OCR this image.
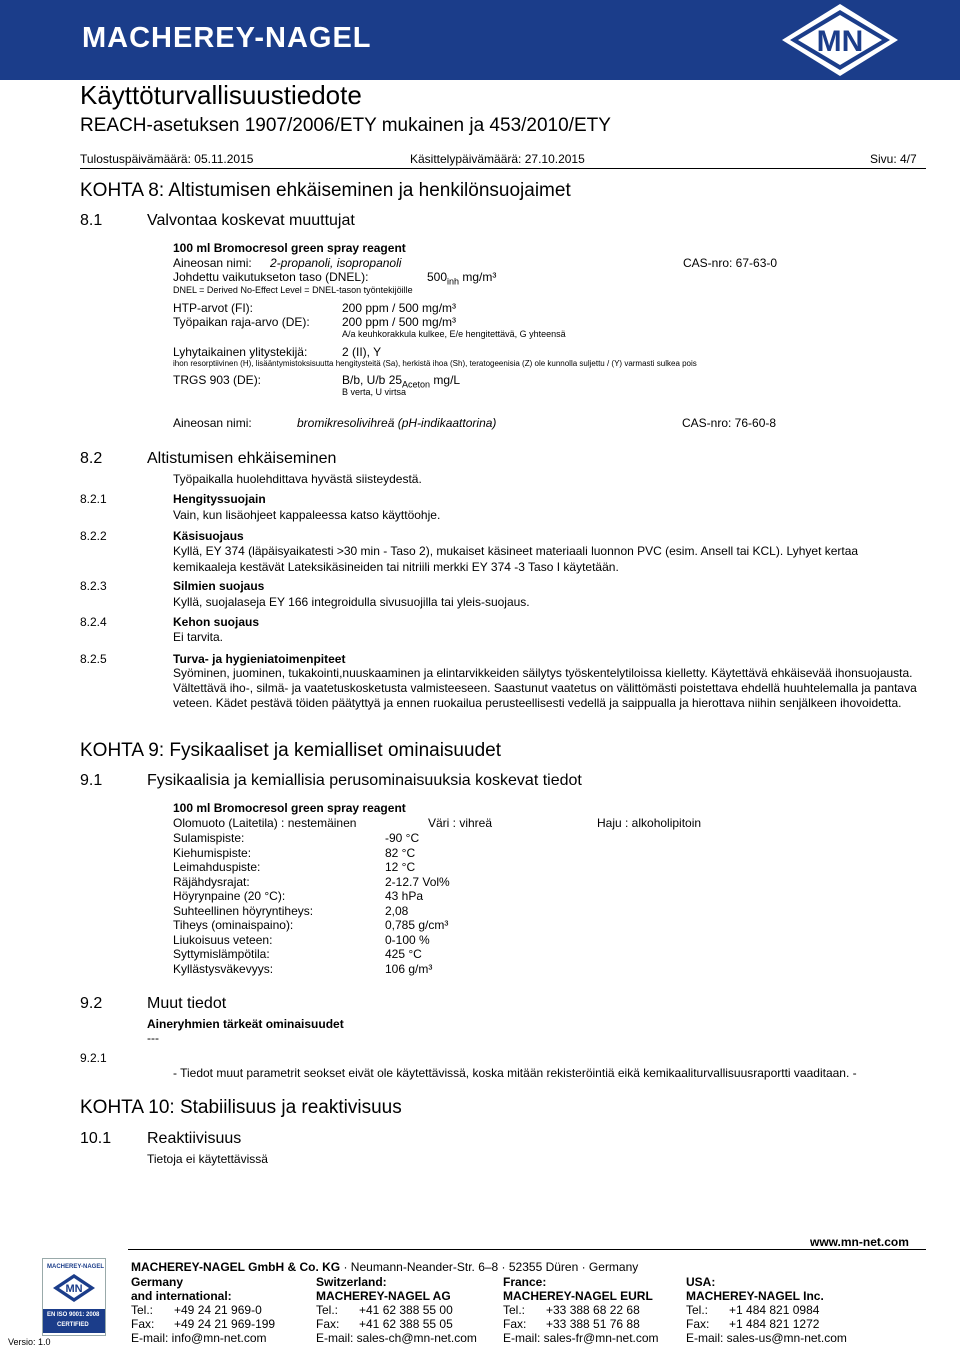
MACHEREY-NAGEL	MN
Käyttöturvallisuustiedote
REACH-asetuksen 1907/2006/ETY mukainen ja 453/2010/ETY
Tulostuspäivämäärä: 05.11.2015	Käsittelypäivämäärä: 27.10.2015	Sivu: 4/7
KOHTA 8: Altistumisen ehkäiseminen ja henkilönsuojaimet
8.1	Valvontaa koskevat muuttujat
100 ml Bromocresol green spray reagent
Aineosan nimi: 2-propanoli, isopropanoli	CAS-nro: 67-63-0
Johdettu vaikutukseton taso (DNEL):	$500_{inh}$ mg/m³
DNEL = Derived No-Effect Level = DNEL-tason työntekijöille
HTP-arvot (FI):	200 ppm / 500 mg/m³
Työpaikan raja-arvo (DE):	200 ppm / 500 mg/m³
A/a keuhkorakkula kulkee, E/e hengitettävä, G yhteensä
Lyhytaikainen ylitystekijä:	2 (II), Y
ihon resorptiivinen (H), lisääntymistoksisuutta hengitysteitä (Sa), herkistä ihoa (Sh), teratogeenisia (Z) ole kunnolla suljettu / (Y) varmasti sulkea pois
TRGS 903 (DE):	B/b, U/b $25_{Aceton}$ mg/L
B verta, U virtsa
Aineosan nimi:	bromikresolivihreä (pH-indikaattorina)	CAS-nro: 76-60-8
8.2	Altistumisen ehkäiseminen
Työpaikalla huolehdittava hyvästä siisteydestä.
8.2.1	Hengityssuojain
Vain, kun lisäohjeet kappaleessa katso käyttöohje.
8.2.2	Käsisuojaus
Kyllä, EY 374 (läpäisyaikatesti >30 min - Taso 2), mukaiset käsineet materiaali luonnon PVC (esim. Ansell tai KCL). Lyhyet kertaa kemikaaleja kestävät Lateksikäsineiden tai nitriili merkki EY 374 -3 Taso I käytetään.
8.2.3	Silmien suojaus
Kyllä, suojalaseja EY 166 integroidulla sivusuojilla tai yleis-suojaus.
8.2.4	Kehon suojaus
Ei tarvita.
8.2.5	Turva- ja hygieniatoimenpiteet
Syöminen, juominen, tukakointi,nuuskaaminen ja elintarvikkeiden säilytys työskentelytiloissa kielletty. Käytettävä ehkäisevää ihonsuojausta. Vältettävä iho-, silmä- ja vaatetuskosketusta valmisteeseen. Saastunut vaatetus on välittömästi poistettava ehdellä huuhtelemalla ja pantava veteen. Kädet pestävä töiden päätyttyä ja ennen ruokailua perusteellisesti vedellä ja saippualla ja hierottava niihin senjälkeen ihovoidetta.
KOHTA 9: Fysikaaliset ja kemialliset ominaisuudet
9.1	Fysikaalisia ja kemiallisia perusominaisuuksia koskevat tiedot
100 ml Bromocresol green spray reagent
Olomuoto (Laitetila) : nestemäinen	Väri : vihreä	Haju : alkoholipitoin
Sulamispiste:	-90 °C
Kiehumispiste:	82 °C
Leimahduspiste:	12 °C
Räjähdysrajat:	2-12.7 Vol%
Höyrynpaine (20 °C):	43 hPa
Suhteellinen höyryntiheys:	2,08
Tiheys (ominaispaino):	0,785 g/cm³
Liukoisuus veteen:	0-100 %
Syttymislämpötila:	425 °C
Kyllästysväkevyys:	106 g/m³
9.2	Muut tiedot
Aineryhmien tärkeät ominaisuudet
---
9.2.1
- Tiedot muut parametrit seokset eivät ole käytettävissä, koska mitään rekisteröintiä eikä kemikaaliturvallisuusraportti vaaditaan. -
KOHTA 10: Stabiilisuus ja reaktivisuus
10.1 Reaktiivisuus
Tietoja ei käytettävissä
www.mn-net.com
MACHEREY-NAGEL GmbH & Co. KG · Neumann-Neander-Str. 6–8 · 52355 Düren · Germany
MACHEREY-NAGEL
MN
EN ISO 9001: 2008
CERTIFIED
Versio: 1.0
Germany
and international:
Tel.: +49 24 21 969-0
Fax: +49 24 21 969-199
E-mail: info@mn-net.com
Switzerland:
MACHEREY-NAGEL AG
Tel.: +41 62 388 55 00
Fax: +41 62 388 55 05
E-mail: sales-ch@mn-net.com
France:
MACHEREY-NAGEL EURL
Tel.: +33 388 68 22 68
Fax: +33 388 51 76 88
E-mail: sales-fr@mn-net.com
USA:
MACHEREY-NAGEL Inc.
Tel.: +1 484 821 0984
Fax: +1 484 821 1272
E-mail: sales-us@mn-net.com
